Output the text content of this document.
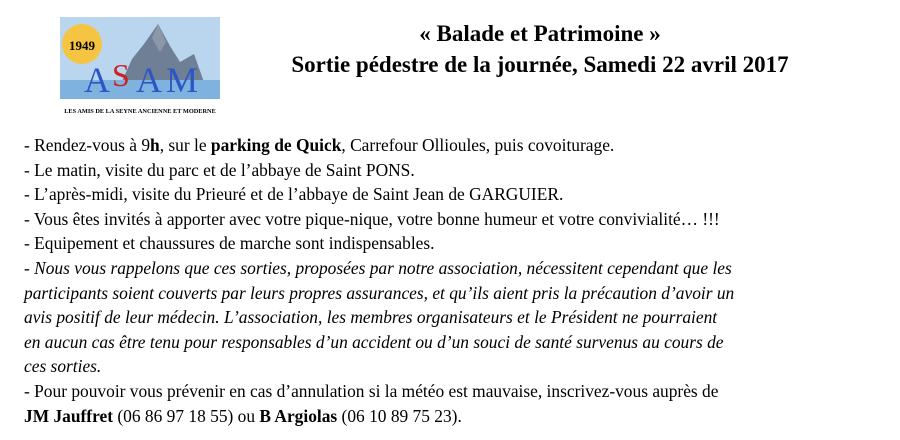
1949
A S A M
LES AMIS DE LA SEYNE ANCIENNE ET MODERNE
« Balade et Patrimoine »
Sortie pédestre de la journée, Samedi 22 avril 2017
- Rendez-vous à 9h, sur le parking de Quick, Carrefour Ollioules, puis covoiturage.
- Le matin, visite du parc et de l’abbaye de Saint PONS.
- L’après-midi, visite du Prieuré et de l’abbaye de Saint Jean de GARGUIER.
- Vous êtes invités à apporter avec votre pique-nique, votre bonne humeur et votre convivialité… !!!
- Equipement et chaussures de marche sont indispensables.
- Nous vous rappelons que ces sorties, proposées par notre association, nécessitent cependant que les
participants soient couverts par leurs propres assurances, et qu’ils aient pris la précaution d’avoir un
avis positif de leur médecin. L’association, les membres organisateurs et le Président ne pourraient
en aucun cas être tenu pour responsables d’un accident ou d’un souci de santé survenus au cours de
ces sorties.
- Pour pouvoir vous prévenir en cas d’annulation si la météo est mauvaise, inscrivez-vous auprès de
JM Jauffret (06 86 97 18 55) ou B Argiolas (06 10 89 75 23).
